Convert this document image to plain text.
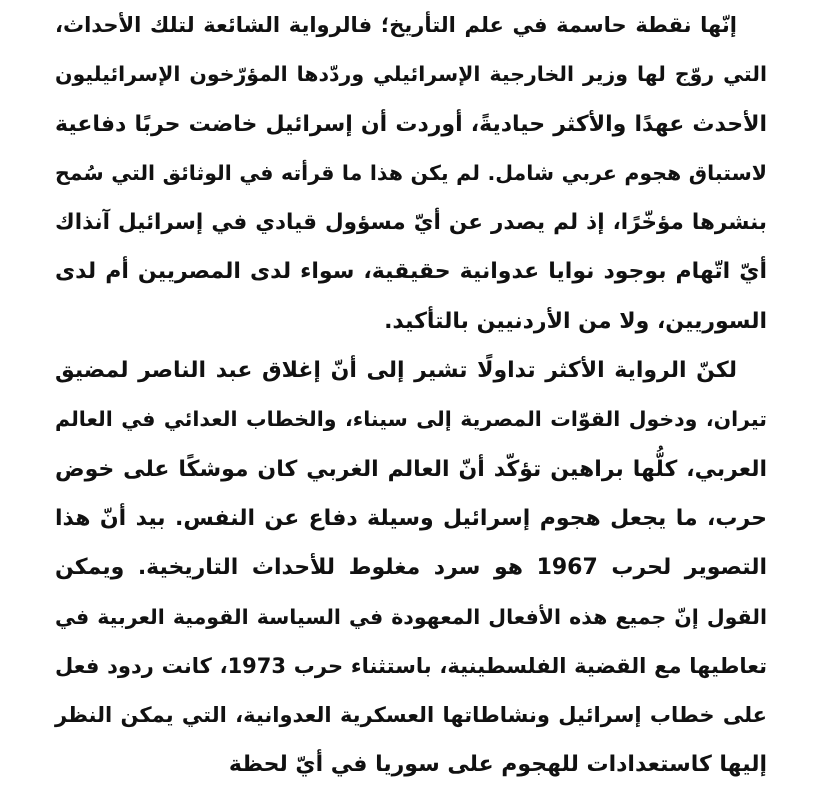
إنّها نقطة حاسمة في علم التأريخ؛ فالرواية الشائعة لتلك الأحداث،
التي روّج لها وزير الخارجية الإسرائيلي وردّدها المؤرّخون الإسرائيليون
الأحدث عهدًا والأكثر حياديةً، أوردت أن إسرائيل خاضت حربًا دفاعية
لاستباق هجوم عربي شامل. لم يكن هذا ما قرأته في الوثائق التي سُمح
بنشرها مؤخّرًا، إذ لم يصدر عن أيّ مسؤول قيادي في إسرائيل آنذاك
أيّ اتّهام بوجود نوايا عدوانية حقيقية، سواء لدى المصريين أم لدى
السوريين، ولا من الأردنيين بالتأكيد.
لكنّ الرواية الأكثر تداولًا تشير إلى أنّ إغلاق عبد الناصر لمضيق
تيران، ودخول القوّات المصرية إلى سيناء، والخطاب العدائي في العالم
العربي، كلُّها براهين تؤكّد أنّ العالم الغربي كان موشكًا على خوض
حرب، ما يجعل هجوم إسرائيل وسيلة دفاع عن النفس. بيد أنّ هذا
التصوير لحرب 1967 هو سرد مغلوط للأحداث التاريخية. ويمكن
القول إنّ جميع هذه الأفعال المعهودة في السياسة القومية العربية في
تعاطيها مع القضية الفلسطينية، باستثناء حرب 1973، كانت ردود فعل
على خطاب إسرائيل ونشاطاتها العسكرية العدوانية، التي يمكن النظر
إليها كاستعدادات للهجوم على سوريا في أيّ لحظة
